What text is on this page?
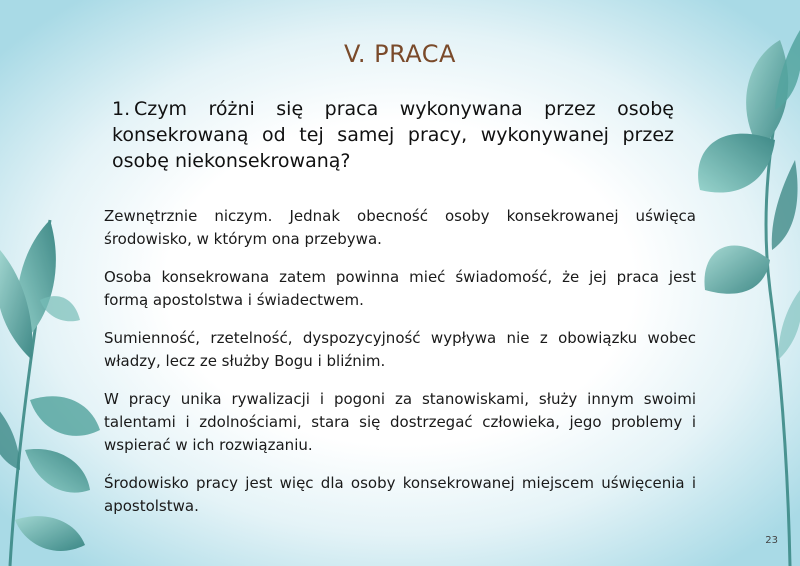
V. PRACA
1. Czym różni się praca wykonywana przez osobę konsekrowaną od tej samej pracy, wykonywanej przez osobę niekonsekrowaną?

Zewnętrznie niczym. Jednak obecność osoby konsekrowanej uświęca środowisko, w którym ona przebywa.

Osoba konsekrowana zatem powinna mieć świadomość, że jej praca jest formą apostolstwa i świadectwem.

Sumienność, rzetelność, dyspozycyjność wypływa nie z obowiązku wobec władzy, lecz ze służby Bogu i bliźnim.

W pracy unika rywalizacji i pogoni za stanowiskami, służy innym swoimi talentami i zdolnościami, stara się dostrzegać człowieka, jego problemy i wspierać w ich rozwiązaniu.

Środowisko pracy jest więc dla osoby konsekrowanej miejscem uświęcenia i apostolstwa.

23
